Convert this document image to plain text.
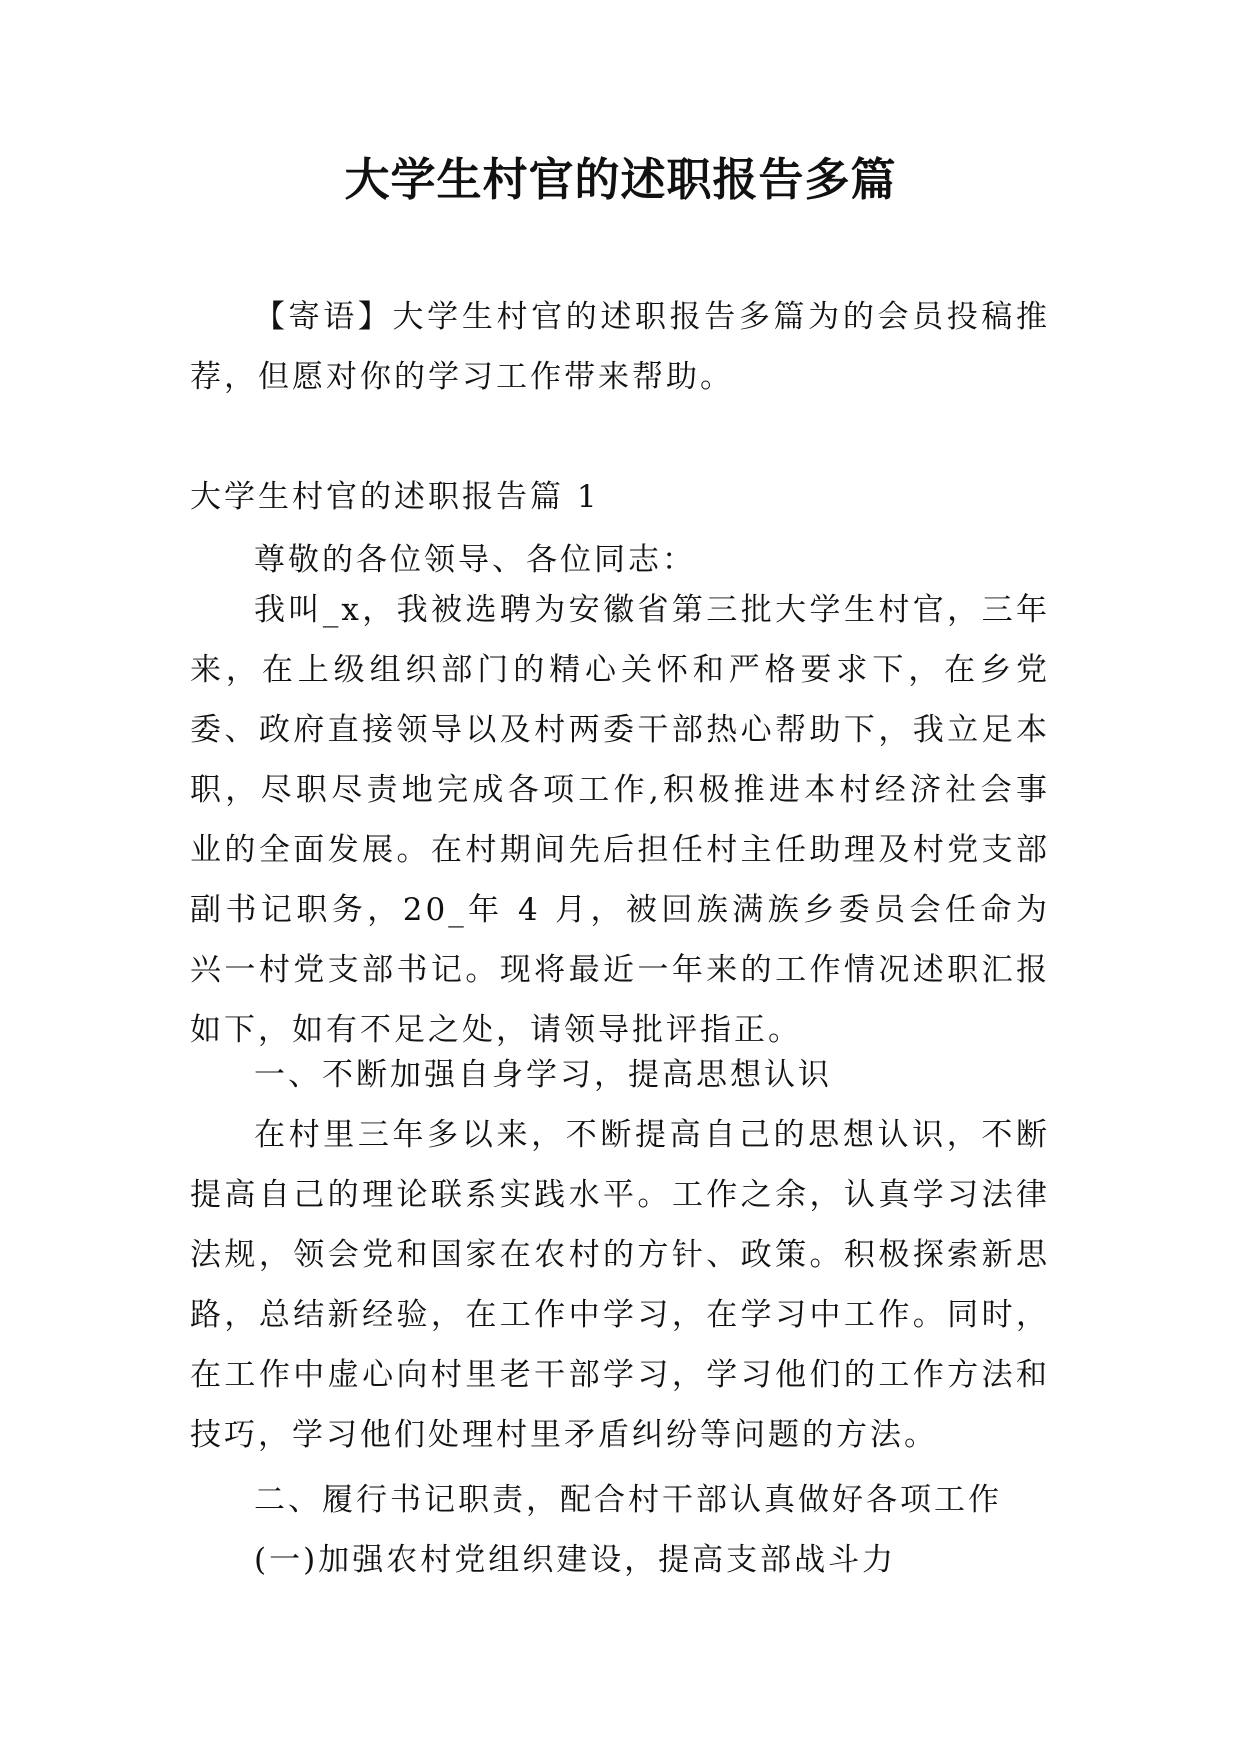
大学生村官的述职报告多篇

【寄语】大学生村官的述职报告多篇为的会员投稿推荐，但愿对你的学习工作带来帮助。

大学生村官的述职报告篇 1

尊敬的各位领导、各位同志：

我叫_x，我被选聘为安徽省第三批大学生村官，三年来，在上级组织部门的精心关怀和严格要求下，在乡党委、政府直接领导以及村两委干部热心帮助下，我立足本职，尽职尽责地完成各项工作,积极推进本村经济社会事业的全面发展。在村期间先后担任村主任助理及村党支部副书记职务，20_年 4 月，被回族满族乡委员会任命为兴一村党支部书记。现将最近一年来的工作情况述职汇报如下，如有不足之处，请领导批评指正。

一、不断加强自身学习，提高思想认识

在村里三年多以来，不断提高自己的思想认识，不断提高自己的理论联系实践水平。工作之余，认真学习法律法规，领会党和国家在农村的方针、政策。积极探索新思路，总结新经验，在工作中学习，在学习中工作。同时，在工作中虚心向村里老干部学习，学习他们的工作方法和技巧，学习他们处理村里矛盾纠纷等问题的方法。

二、履行书记职责，配合村干部认真做好各项工作

(一)加强农村党组织建设，提高支部战斗力
